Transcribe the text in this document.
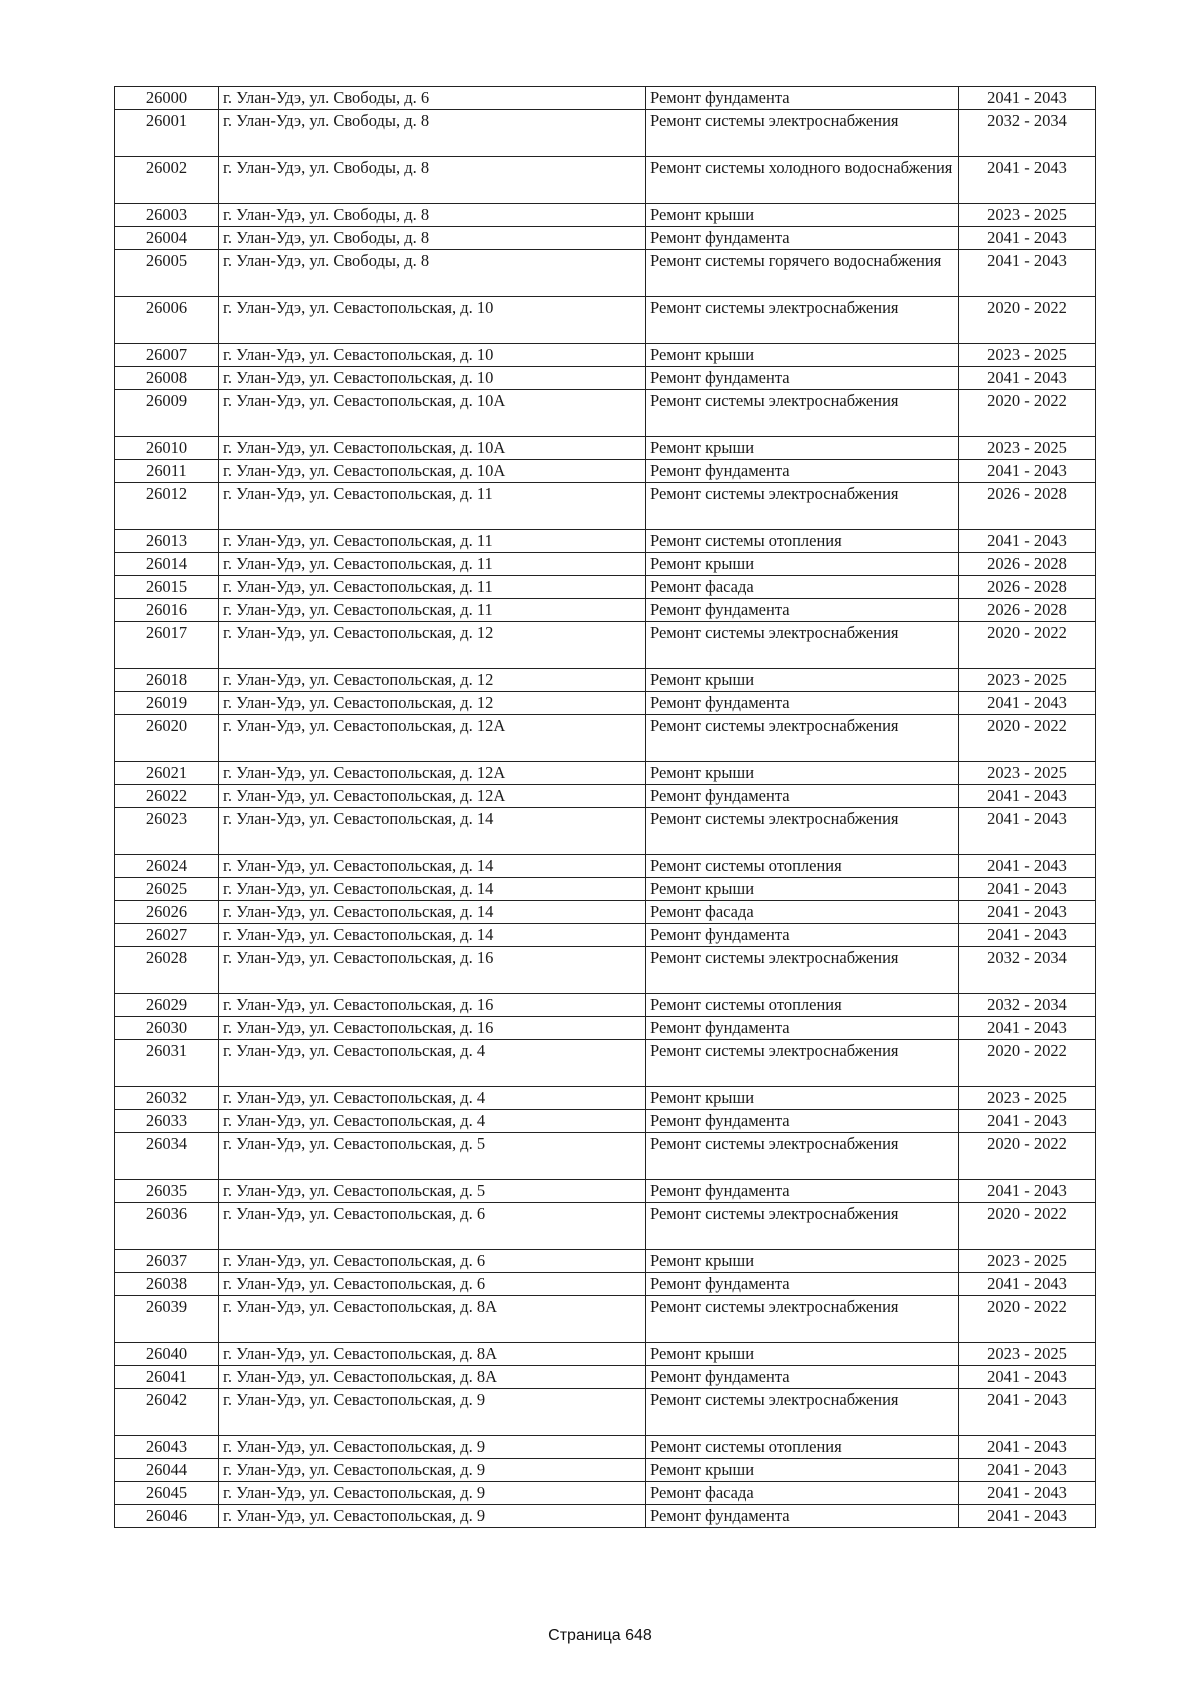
26000	г. Улан-Удэ, ул. Свободы, д. 6	Ремонт фундамента	2041 - 2043
26001	г. Улан-Удэ, ул. Свободы, д. 8	Ремонт системы электроснабжения	2032 - 2034
26002	г. Улан-Удэ, ул. Свободы, д. 8	Ремонт системы холодного водоснабжения	2041 - 2043
26003	г. Улан-Удэ, ул. Свободы, д. 8	Ремонт крыши	2023 - 2025
26004	г. Улан-Удэ, ул. Свободы, д. 8	Ремонт фундамента	2041 - 2043
26005	г. Улан-Удэ, ул. Свободы, д. 8	Ремонт системы горячего водоснабжения	2041 - 2043
26006	г. Улан-Удэ, ул. Севастопольская, д. 10	Ремонт системы электроснабжения	2020 - 2022
26007	г. Улан-Удэ, ул. Севастопольская, д. 10	Ремонт крыши	2023 - 2025
26008	г. Улан-Удэ, ул. Севастопольская, д. 10	Ремонт фундамента	2041 - 2043
26009	г. Улан-Удэ, ул. Севастопольская, д. 10А	Ремонт системы электроснабжения	2020 - 2022
26010	г. Улан-Удэ, ул. Севастопольская, д. 10А	Ремонт крыши	2023 - 2025
26011	г. Улан-Удэ, ул. Севастопольская, д. 10А	Ремонт фундамента	2041 - 2043
26012	г. Улан-Удэ, ул. Севастопольская, д. 11	Ремонт системы электроснабжения	2026 - 2028
26013	г. Улан-Удэ, ул. Севастопольская, д. 11	Ремонт системы отопления	2041 - 2043
26014	г. Улан-Удэ, ул. Севастопольская, д. 11	Ремонт крыши	2026 - 2028
26015	г. Улан-Удэ, ул. Севастопольская, д. 11	Ремонт фасада	2026 - 2028
26016	г. Улан-Удэ, ул. Севастопольская, д. 11	Ремонт фундамента	2026 - 2028
26017	г. Улан-Удэ, ул. Севастопольская, д. 12	Ремонт системы электроснабжения	2020 - 2022
26018	г. Улан-Удэ, ул. Севастопольская, д. 12	Ремонт крыши	2023 - 2025
26019	г. Улан-Удэ, ул. Севастопольская, д. 12	Ремонт фундамента	2041 - 2043
26020	г. Улан-Удэ, ул. Севастопольская, д. 12А	Ремонт системы электроснабжения	2020 - 2022
26021	г. Улан-Удэ, ул. Севастопольская, д. 12А	Ремонт крыши	2023 - 2025
26022	г. Улан-Удэ, ул. Севастопольская, д. 12А	Ремонт фундамента	2041 - 2043
26023	г. Улан-Удэ, ул. Севастопольская, д. 14	Ремонт системы электроснабжения	2041 - 2043
26024	г. Улан-Удэ, ул. Севастопольская, д. 14	Ремонт системы отопления	2041 - 2043
26025	г. Улан-Удэ, ул. Севастопольская, д. 14	Ремонт крыши	2041 - 2043
26026	г. Улан-Удэ, ул. Севастопольская, д. 14	Ремонт фасада	2041 - 2043
26027	г. Улан-Удэ, ул. Севастопольская, д. 14	Ремонт фундамента	2041 - 2043
26028	г. Улан-Удэ, ул. Севастопольская, д. 16	Ремонт системы электроснабжения	2032 - 2034
26029	г. Улан-Удэ, ул. Севастопольская, д. 16	Ремонт системы отопления	2032 - 2034
26030	г. Улан-Удэ, ул. Севастопольская, д. 16	Ремонт фундамента	2041 - 2043
26031	г. Улан-Удэ, ул. Севастопольская, д. 4	Ремонт системы электроснабжения	2020 - 2022
26032	г. Улан-Удэ, ул. Севастопольская, д. 4	Ремонт крыши	2023 - 2025
26033	г. Улан-Удэ, ул. Севастопольская, д. 4	Ремонт фундамента	2041 - 2043
26034	г. Улан-Удэ, ул. Севастопольская, д. 5	Ремонт системы электроснабжения	2020 - 2022
26035	г. Улан-Удэ, ул. Севастопольская, д. 5	Ремонт фундамента	2041 - 2043
26036	г. Улан-Удэ, ул. Севастопольская, д. 6	Ремонт системы электроснабжения	2020 - 2022
26037	г. Улан-Удэ, ул. Севастопольская, д. 6	Ремонт крыши	2023 - 2025
26038	г. Улан-Удэ, ул. Севастопольская, д. 6	Ремонт фундамента	2041 - 2043
26039	г. Улан-Удэ, ул. Севастопольская, д. 8А	Ремонт системы электроснабжения	2020 - 2022
26040	г. Улан-Удэ, ул. Севастопольская, д. 8А	Ремонт крыши	2023 - 2025
26041	г. Улан-Удэ, ул. Севастопольская, д. 8А	Ремонт фундамента	2041 - 2043
26042	г. Улан-Удэ, ул. Севастопольская, д. 9	Ремонт системы электроснабжения	2041 - 2043
26043	г. Улан-Удэ, ул. Севастопольская, д. 9	Ремонт системы отопления	2041 - 2043
26044	г. Улан-Удэ, ул. Севастопольская, д. 9	Ремонт крыши	2041 - 2043
26045	г. Улан-Удэ, ул. Севастопольская, д. 9	Ремонт фасада	2041 - 2043
26046	г. Улан-Удэ, ул. Севастопольская, д. 9	Ремонт фундамента	2041 - 2043
Страница 648
